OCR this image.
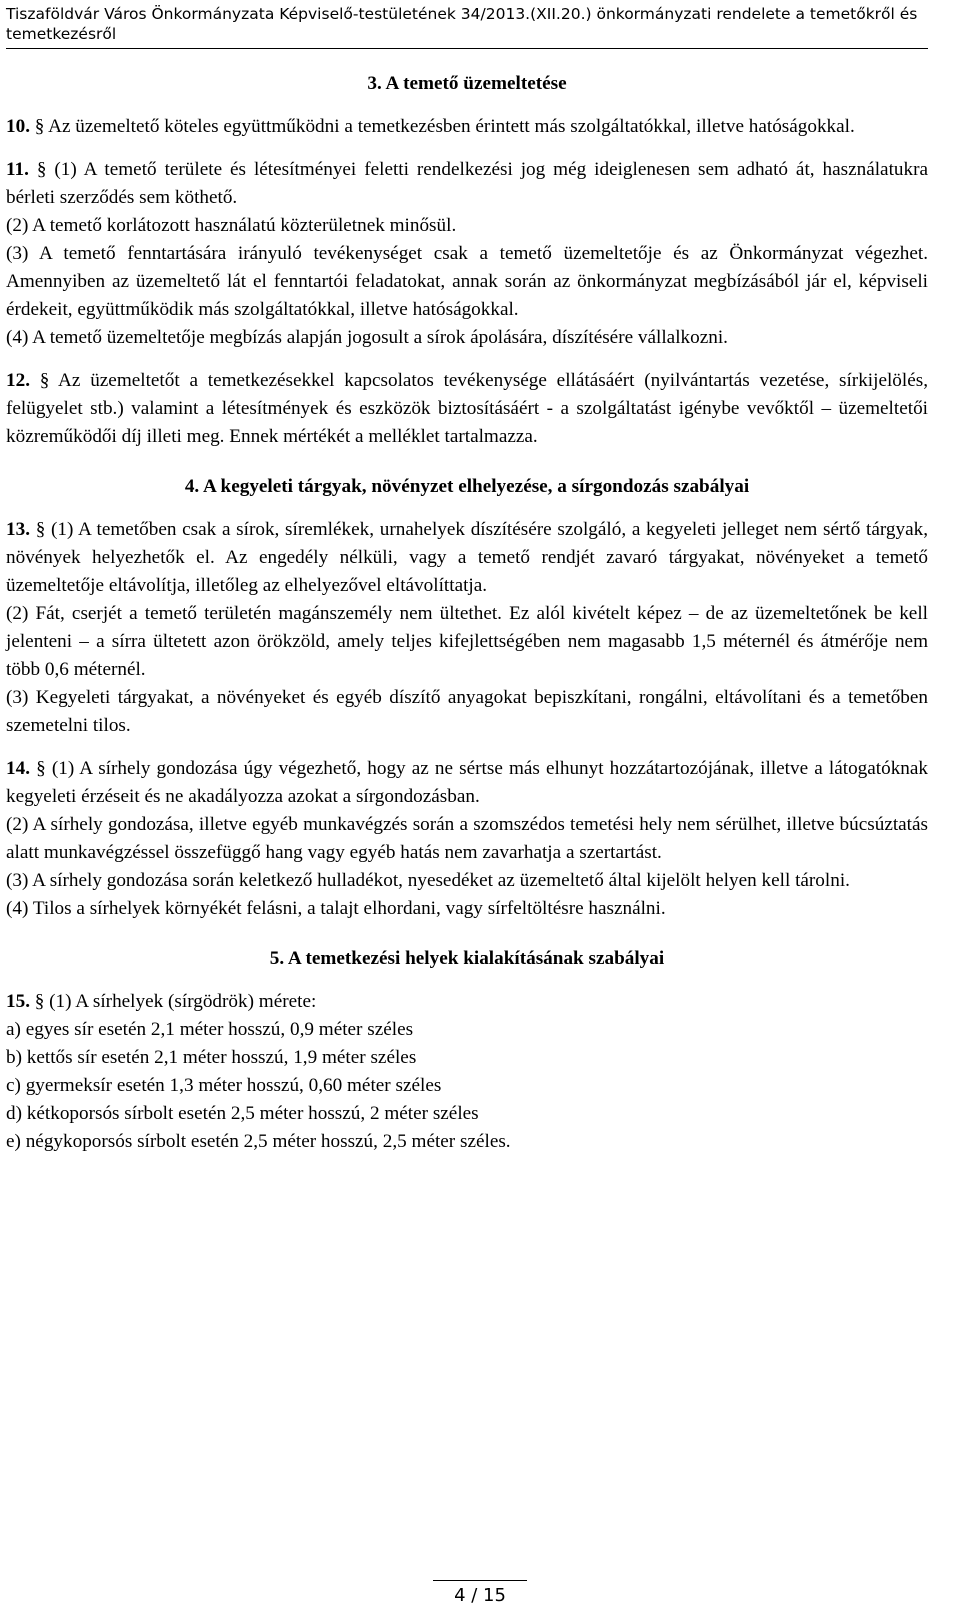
Tiszaföldvár Város Önkormányzata Képviselő-testületének 34/2013.(XII.20.) önkormányzati rendelete a temetőkről és temetkezésről
3. A temető üzemeltetése

10. § Az üzemeltető köteles együttműködni a temetkezésben érintett más szolgáltatókkal, illetve hatóságokkal.

11. § (1) A temető területe és létesítményei feletti rendelkezési jog még ideiglenesen sem adható át, használatukra bérleti szerződés sem köthető.

(2) A temető korlátozott használatú közterületnek minősül.

(3) A temető fenntartására irányuló tevékenységet csak a temető üzemeltetője és az Önkormányzat végezhet. Amennyiben az üzemeltető lát el fenntartói feladatokat, annak során az önkormányzat megbízásából jár el, képviseli érdekeit, együttműködik más szolgáltatókkal, illetve hatóságokkal.

(4) A temető üzemeltetője megbízás alapján jogosult a sírok ápolására, díszítésére vállalkozni.

12. § Az üzemeltetőt a temetkezésekkel kapcsolatos tevékenysége ellátásáért (nyilvántartás vezetése, sírkijelölés, felügyelet stb.) valamint a létesítmények és eszközök biztosításáért - a szolgáltatást igénybe vevőktől – üzemeltetői közreműködői díj illeti meg. Ennek mértékét a melléklet tartalmazza.

4. A kegyeleti tárgyak, növényzet elhelyezése, a sírgondozás szabályai

13. § (1) A temetőben csak a sírok, síremlékek, urnahelyek díszítésére szolgáló, a kegyeleti jelleget nem sértő tárgyak, növények helyezhetők el. Az engedély nélküli, vagy a temető rendjét zavaró tárgyakat, növényeket a temető üzemeltetője eltávolítja, illetőleg az elhelyezővel eltávolíttatja.

(2) Fát, cserjét a temető területén magánszemély nem ültethet. Ez alól kivételt képez – de az üzemeltetőnek be kell jelenteni – a sírra ültetett azon örökzöld, amely teljes kifejlettségében nem magasabb 1,5 méternél és átmérője nem több 0,6 méternél.

(3) Kegyeleti tárgyakat, a növényeket és egyéb díszítő anyagokat bepiszkítani, rongálni, eltávolítani és a temetőben szemetelni tilos.

14. § (1) A sírhely gondozása úgy végezhető, hogy az ne sértse más elhunyt hozzátartozójának, illetve a látogatóknak kegyeleti érzéseit és ne akadályozza azokat a sírgondozásban.

(2) A sírhely gondozása, illetve egyéb munkavégzés során a szomszédos temetési hely nem sérülhet, illetve búcsúztatás alatt munkavégzéssel összefüggő hang vagy egyéb hatás nem zavarhatja a szertartást.

(3) A sírhely gondozása során keletkező hulladékot, nyesedéket az üzemeltető által kijelölt helyen kell tárolni.

(4) Tilos a sírhelyek környékét felásni, a talajt elhordani, vagy sírfeltöltésre használni.

5. A temetkezési helyek kialakításának szabályai

15. § (1) A sírhelyek (sírgödrök) mérete:

a) egyes sír esetén 2,1 méter hosszú, 0,9 méter széles

b) kettős sír esetén 2,1 méter hosszú, 1,9 méter széles

c) gyermeksír esetén 1,3 méter hosszú, 0,60 méter széles

d) kétkoporsós sírbolt esetén 2,5 méter hosszú, 2 méter széles

e) négykoporsós sírbolt esetén 2,5 méter hosszú, 2,5 méter széles.

4 / 15
